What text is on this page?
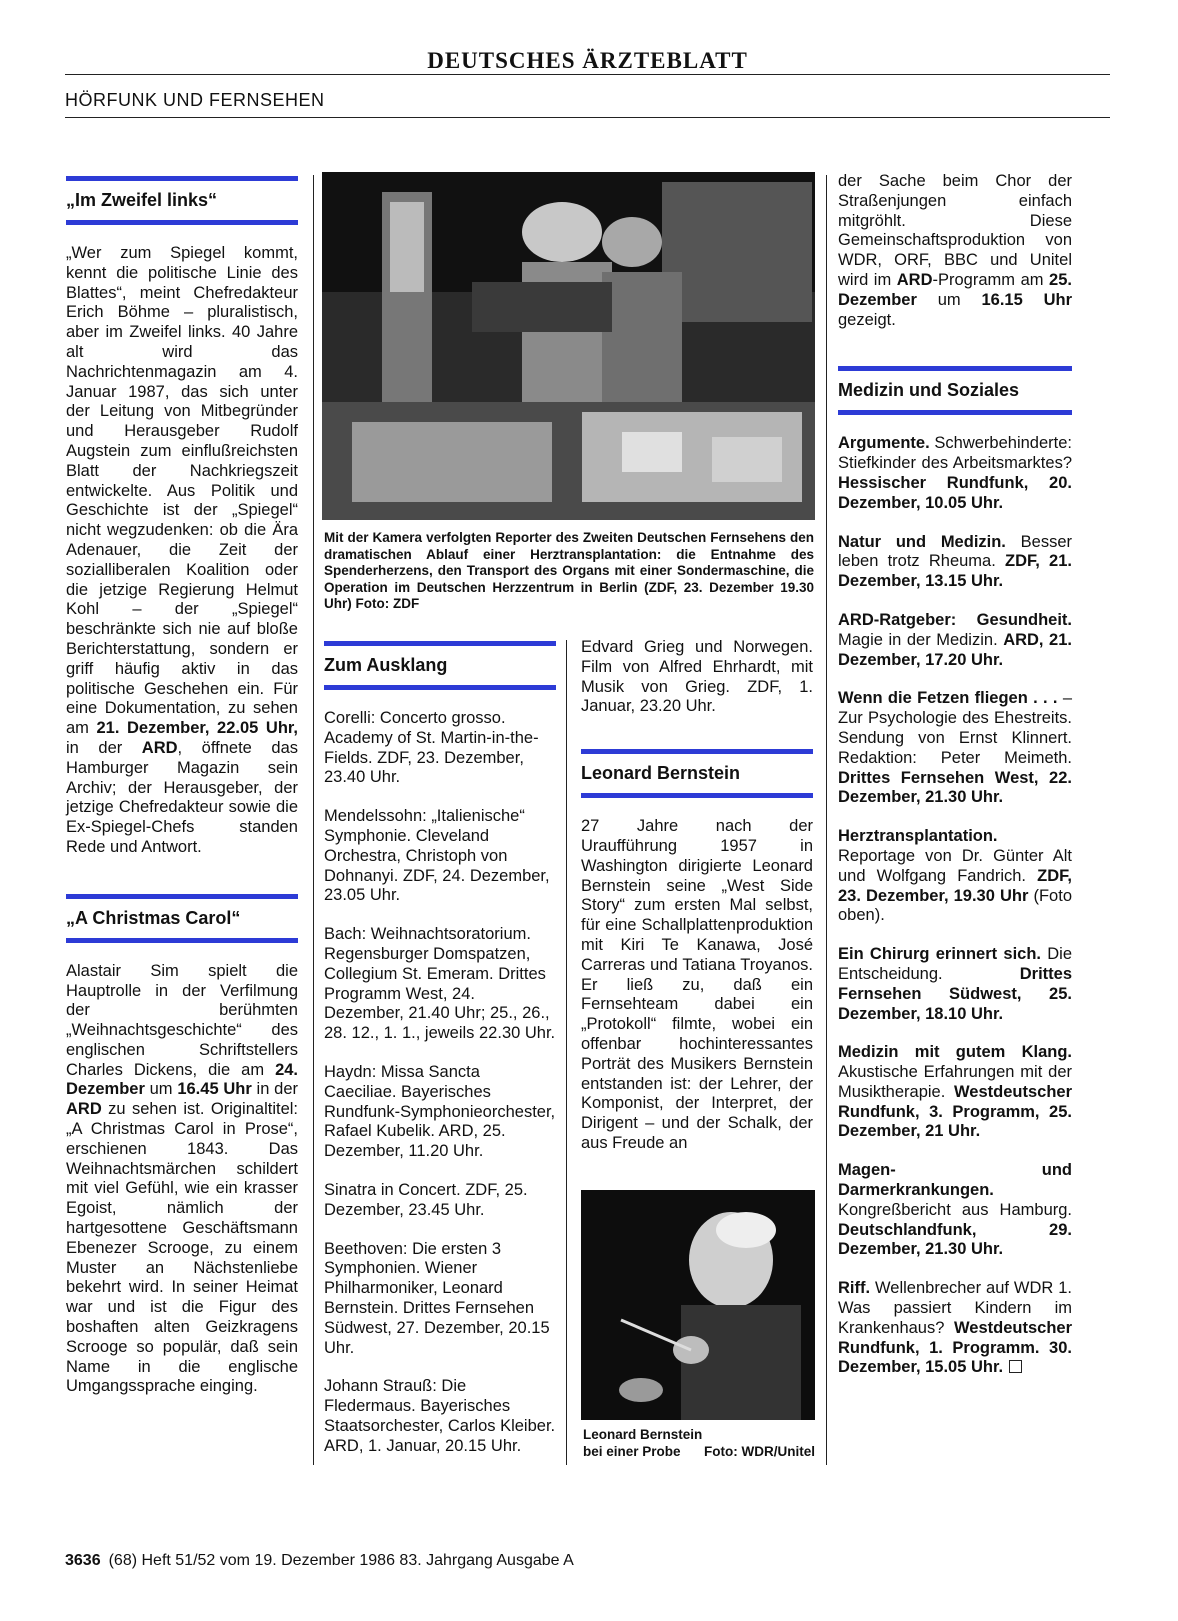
DEUTSCHES ÄRZTEBLATT
HÖRFUNK UND FERNSEHEN
„Im Zweifel links“

„Wer zum Spiegel kommt, kennt die politische Linie des Blattes“, meint Chefredakteur Erich Böhme – pluralistisch, aber im Zweifel links. 40 Jahre alt wird das Nachrichtenmagazin am 4. Januar 1987, das sich unter der Leitung von Mitbegründer und Herausgeber Rudolf Augstein zum einflußreichsten Blatt der Nachkriegszeit entwickelte. Aus Politik und Geschichte ist der „Spiegel“ nicht wegzudenken: ob die Ära Adenauer, die Zeit der sozialliberalen Koalition oder die jetzige Regierung Helmut Kohl – der „Spiegel“ beschränkte sich nie auf bloße Berichterstattung, sondern er griff häufig aktiv in das politische Geschehen ein. Für eine Dokumentation, zu sehen am 21. Dezember, 22.05 Uhr, in der ARD, öffnete das Hamburger Magazin sein Archiv; der Herausgeber, der jetzige Chefredakteur sowie die Ex-Spiegel-Chefs standen Rede und Antwort.

„A Christmas Carol“

Alastair Sim spielt die Hauptrolle in der Verfilmung der berühmten „Weihnachtsgeschichte“ des englischen Schriftstellers Charles Dickens, die am 24. Dezember um 16.45 Uhr in der ARD zu sehen ist. Originaltitel: „A Christmas Carol in Prose“, erschienen 1843. Das Weihnachtsmärchen schildert mit viel Gefühl, wie ein krasser Egoist, nämlich der hartgesottene Geschäftsmann Ebenezer Scrooge, zu einem Muster an Nächstenliebe bekehrt wird. In seiner Heimat war und ist die Figur des boshaften alten Geizkragens Scrooge so populär, daß sein Name in die englische Umgangssprache einging.

Mit der Kamera verfolgten Reporter des Zweiten Deutschen Fernsehens den dramatischen Ablauf einer Herztransplantation: die Entnahme des Spenderherzens, den Transport des Organs mit einer Sondermaschine, die Operation im Deutschen Herzzentrum in Berlin (ZDF, 23. Dezember 19.30 Uhr) Foto: ZDF
Zum Ausklang

Corelli: Concerto grosso. Academy of St. Martin-in-the-Fields. ZDF, 23. Dezember, 23.40 Uhr.

Mendelssohn: „Italienische“ Symphonie. Cleveland Orchestra, Christoph von Dohnanyi. ZDF, 24. Dezember, 23.05 Uhr.

Bach: Weihnachtsoratorium. Regensburger Domspatzen, Collegium St. Emeram. Drittes Programm West, 24. Dezember, 21.40 Uhr; 25., 26., 28. 12., 1. 1., jeweils 22.30 Uhr.

Haydn: Missa Sancta Caeciliae. Bayerisches Rundfunk-Symphonieorchester, Rafael Kubelik. ARD, 25. Dezember, 11.20 Uhr.

Sinatra in Concert. ZDF, 25. Dezember, 23.45 Uhr.

Beethoven: Die ersten 3 Symphonien. Wiener Philharmoniker, Leonard Bernstein. Drittes Fernsehen Südwest, 27. Dezember, 20.15 Uhr.

Johann Strauß: Die Fledermaus. Bayerisches Staatsorchester, Carlos Kleiber. ARD, 1. Januar, 20.15 Uhr.

Edvard Grieg und Norwegen. Film von Alfred Ehrhardt, mit Musik von Grieg. ZDF, 1. Januar, 23.20 Uhr.

Leonard Bernstein

27 Jahre nach der Uraufführung 1957 in Washington dirigierte Leonard Bernstein seine „West Side Story“ zum ersten Mal selbst, für eine Schallplattenproduktion mit Kiri Te Kanawa, José Carreras und Tatiana Troyanos. Er ließ zu, daß ein Fernsehteam dabei ein „Protokoll“ filmte, wobei ein offenbar hochinteressantes Porträt des Musikers Bernstein entstanden ist: der Lehrer, der Komponist, der Interpret, der Dirigent – und der Schalk, der aus Freude an

Leonard Bernstein bei einer Probe	Foto: WDR/Unitel

der Sache beim Chor der Straßenjungen einfach mitgröhlt. Diese Gemeinschaftsproduktion von WDR, ORF, BBC und Unitel wird im ARD-Programm am 25. Dezember um 16.15 Uhr gezeigt.

Medizin und Soziales

Argumente. Schwerbehinderte: Stiefkinder des Arbeitsmarktes? Hessischer Rundfunk, 20. Dezember, 10.05 Uhr.

Natur und Medizin. Besser leben trotz Rheuma. ZDF, 21. Dezember, 13.15 Uhr.

ARD-Ratgeber: Gesundheit. Magie in der Medizin. ARD, 21. Dezember, 17.20 Uhr.

Wenn die Fetzen fliegen . . . – Zur Psychologie des Ehestreits. Sendung von Ernst Klinnert. Redaktion: Peter Meimeth. Drittes Fernsehen West, 22. Dezember, 21.30 Uhr.

Herztransplantation. Reportage von Dr. Günter Alt und Wolfgang Fandrich. ZDF, 23. Dezember, 19.30 Uhr (Foto oben).

Ein Chirurg erinnert sich. Die Entscheidung. Drittes Fernsehen Südwest, 25. Dezember, 18.10 Uhr.

Medizin mit gutem Klang. Akustische Erfahrungen mit der Musiktherapie. Westdeutscher Rundfunk, 3. Programm, 25. Dezember, 21 Uhr.

Magen- und Darmerkrankungen. Kongreßbericht aus Hamburg. Deutschlandfunk, 29. Dezember, 21.30 Uhr.

Riff. Wellenbrecher auf WDR 1. Was passiert Kindern im Krankenhaus? Westdeutscher Rundfunk, 1. Programm. 30. Dezember, 15.05 Uhr.

3636 (68) Heft 51/52 vom 19. Dezember 1986 83. Jahrgang Ausgabe A
